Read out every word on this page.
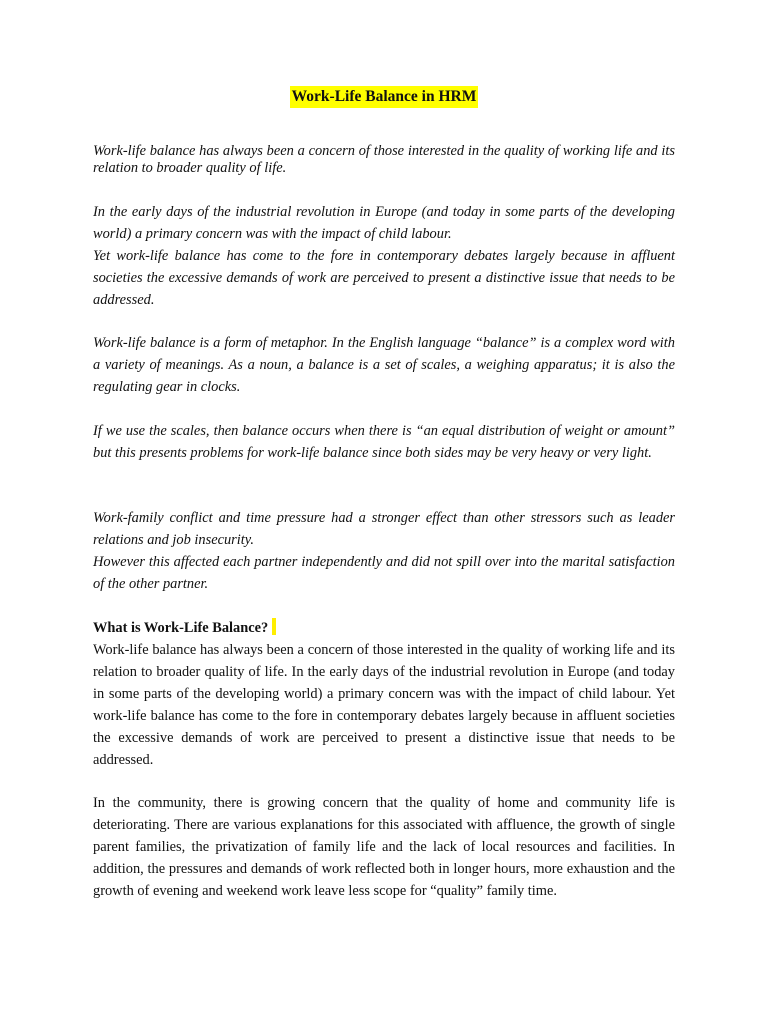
Work-Life Balance in HRM

Work-life balance has always been a concern of those interested in the quality of working life and its relation to broader quality of life.

In the early days of the industrial revolution in Europe (and today in some parts of the developing world) a primary concern was with the impact of child labour.

Yet work-life balance has come to the fore in contemporary debates largely because in affluent societies the excessive demands of work are perceived to present a distinctive issue that needs to be addressed.

Work-life balance is a form of metaphor. In the English language “balance” is a complex word with a variety of meanings. As a noun, a balance is a set of scales, a weighing apparatus; it is also the regulating gear in clocks.

If we use the scales, then balance occurs when there is “an equal distribution of weight or amount” but this presents problems for work-life balance since both sides may be very heavy or very light.

Work-family conflict and time pressure had a stronger effect than other stressors such as leader relations and job insecurity.

However this affected each partner independently and did not spill over into the marital satisfaction of the other partner.

What is Work-Life Balance?

Work-life balance has always been a concern of those interested in the quality of working life and its relation to broader quality of life. In the early days of the industrial revolution in Europe (and today in some parts of the developing world) a primary concern was with the impact of child labour. Yet work-life balance has come to the fore in contemporary debates largely because in affluent societies the excessive demands of work are perceived to present a distinctive issue that needs to be addressed.

In the community, there is growing concern that the quality of home and community life is deteriorating. There are various explanations for this associated with affluence, the growth of single parent families, the privatization of family life and the lack of local resources and facilities. In addition, the pressures and demands of work reflected both in longer hours, more exhaustion and the growth of evening and weekend work leave less scope for “quality” family time.
